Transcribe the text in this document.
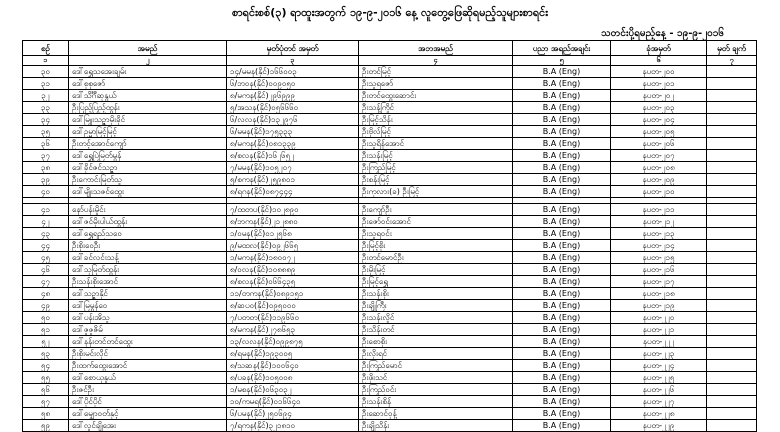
စာရင်းစစ်(၃) ရာထူးအတွက် ၁၉-၉-၂၀၁၆ နေ့ လူတွေ့ဖြေဆိုရမည့်သူများစာရင်း
သတင်းပို့ရမည့်နေ့ - ၁၉-၉-၂၀၁၆
စဉ်	အမည်	မှတ်ပုံတင် အမှတ်	အဘအမည်	ပညာ အရည်အချင်း	ခုံအမှတ်	မှတ် ချက်
၁	၂	၃	၄	၅	၆	၇
၃၀	ဒေါ်ရွှေသအေးချမ်း	၁၄/မမန(နိုင်)၁၆၆၀၀၃	ဦးတင်မြင့်	B.A (Eng)	နပတ-၂၀၀	
၃၁	ဒေါ်စုစုဇော်	၆/ဘဝန(နိုင်)၀၀၉၀၅၀	ဦးသူရဇော်	B.A (Eng)	နပတ-၂၀၁	
၃၂	ဒေါ်သိင်္ဂီဆုနွယ်	၈/မကန(နိုင်)၂၉၆၉၉၉	ဦးတင်ထွေးဆောင်း	B.A (Eng)	နပတ-၂၀၂	
၃၃	ဦးပြည့်ပြည့်ထွန်း	၅/အသန(နိုင်)၀၅၆၆၆၀	ဦးသန့်ကြိုင်	B.A (Eng)	နပတ-၂၀၃	
၃၄	ဒေါ်မြူးသဉ္ဇာမိုးခိုင်	၆/လလန(နိုင်)၁၃၂၉၇၆	ဦးမြင့်သိန်း	B.A (Eng)	နပတ-၂၀၄	
၃၅	ဒေါ်ဥမ္မာမြင့်မြင့်	၆/မမန(နိုင်)၁၇၅၃၃၃	ဦးဗိုလ်မြင့်	B.A (Eng)	နပတ-၂၀၅	
၃၆	ဦးတင့်အောင်ကျော်	၈/မကန(နိုင်)၀၈၁၃၃၉	ဦးသူရိန်အောင်	B.A (Eng)	နပတ-၂၀၆	
၃၇	ဒေါ်ရွှေပြဲမြတ်မွန်	၈/စလန(နိုင်)၁၆၂၆၅၂	ဦးသန်းမြင့်	B.A (Eng)	နပတ-၂၀၇	
၃၈	ဒေါ်ခိုင်ဇင်သဉ္ဇာ	၇/မမန(နိုင်)၁၀၅၂၀၇	ဦးကြည်မြင့်	B.A (Eng)	နပတ-၂၀၈	
၃၉	ဦးကောင်းမြတ်သူ	၅/စကန(နိုင်)၂၅၉၈၀၁	ဦးစန်းမြင့်	B.A (Eng)	နပတ-၂၀၉	
၄၀	ဒေါ်မျိုးသဇင်ထွေး	၈/ရဂန(နိုင်)၀၈၇၄၄၄	ဦးကုလား(ခ) ဦးမြင့်	B.A (Eng)	နပတ-၂၁၀	

၄၁	နော်ပန်းမှိုင်း	၇/ထတပ(နိုင်)၁၀၂၈၉၀	ဦးကျော်ဦး	B.A (Eng)	နပတ-၂၁၁	
၄၂	ဒေါ်ဇင်မိုးပါယ်ထွန်း	၈/ဘကန(နိုင်)၂၁၂၈၈၀	ဦးဇော်ဝင်းအောင်	B.A (Eng)	နပတ-၂၁၂	
၄၃	ဒေါ်ရွှေရည်သဝေ	၁/ဝမန(နိုင်)၀၁၂၅၆၈	ဦးသူရဝင်း	B.A (Eng)	နပတ-၂၁၃	
၄၄	ဦးစိုးဝေဦး	၉/မထလ(နိုင်)၀၉၂၆၆၅	ဦးမြင့်စိုး	B.A (Eng)	နပတ-၂၁၄	
၄၅	ဒေါ်ခင်လင်းသန့်	၁/မကန(နိုင်)၁၈၀၀၇၂	ဦးတင်မောင်ဦး	B.A (Eng)	နပတ-၂၁၅	
၄၆	ဒေါ်သုမြတ်ထွန်း	၈/ဝလန(နိုင်)၁၀၈၈၈၉	ဦးမိုးမြင့်	B.A (Eng)	နပတ-၂၁၆	
၄၇	ဦးသန်းစိုးအောင်	၈/စလန(နိုင်)၀၆၆၄၃၅	ဦးမြင့်ရွှေ	B.A (Eng)	နပတ-၂၁၇	
၄၈	ဒေါ်သဉ္ဇာနိုင်	၁၁/တကန(နိုင်)၀၈၉၁၅၁	ဦးသန်းစိုး	B.A (Eng)	နပတ-၂၁၈	
၄၉	ဒေါ်မြမွန်ဝေ	၈/ဆပဝ(နိုင်)၀၉၅၀၀၀	ဦးချိုကြီး	B.A (Eng)	နပတ-၂၁၉	
၅၀	ဒေါ်ပန်းအိသူ	၇/ပတတ(နိုင်)၁၁၉၆၆၀	ဦးသန်းလှိုင်	B.A (Eng)	နပတ-၂၂၀	
၅၁	ဒေါ်ဇူဇူဇိမ်	၈/မကန(နိုင်)၂၇၈၆၅၃	ဦးသိန်းတင်	B.A (Eng)	နပတ-၂၂၁	
၅၂	ဒေါ်နန်းတင်တင်ထွေး	၁၃/လလန(နိုင်)၀၉၉၈၇၅	ဦးစောစိုး	B.A (Eng)	နပတ-၂၂၂	
၅၃	ဦးစိုးမင်းလိုင်	၈/ရမန(နိုင်)၁၉၃၀၀၅	ဦးလိုးရင်	B.A (Eng)	နပတ-၂၂၃	
၅၄	ဦးထက်ထွေးအောင်	၈/သဆန(နိုင်)၁၀၀၆၄၀	ဦးကြည်မောင်	B.A (Eng)	နပတ-၂၂၄	
၅၅	ဒေါ်စောယုနှုယ်	၈/ပခန(နိုင်)၁၀၅၀၀၈	ဦးဖိုးသင်	B.A (Eng)	နပတ-၂၂၅	
၅၆	ဦးဇင်ဦး	၁/မစန(နိုင်)၀၆၃၀၃၂	ဦးကြည်ဝင်း	B.A (Eng)	နပတ-၂၂၆	
၅၇	ဒေါ်ပိုင်ပိုင်	၁၀/ကမရ(နိုင်)၀၁၆၆၄၀	ဦးသန်းစိန်	B.A (Eng)	နပတ-၂၂၇	
၅၈	ဒေါ်မျှောဝတ်နှင့်	၆/ပမန(နိုင်)၂၅၀၆၉၄	ဦးဆောင်ဝှန့်	B.A (Eng)	နပတ-၂၂၈	
၅၉	ဒေါ်လှုင်ချိုအေး	၇/ရကန(နိုင်)၃၂၁၈၁၀	ဦးချိုသိန်း	B.A (Eng)	နပတ-၂၂၉	
